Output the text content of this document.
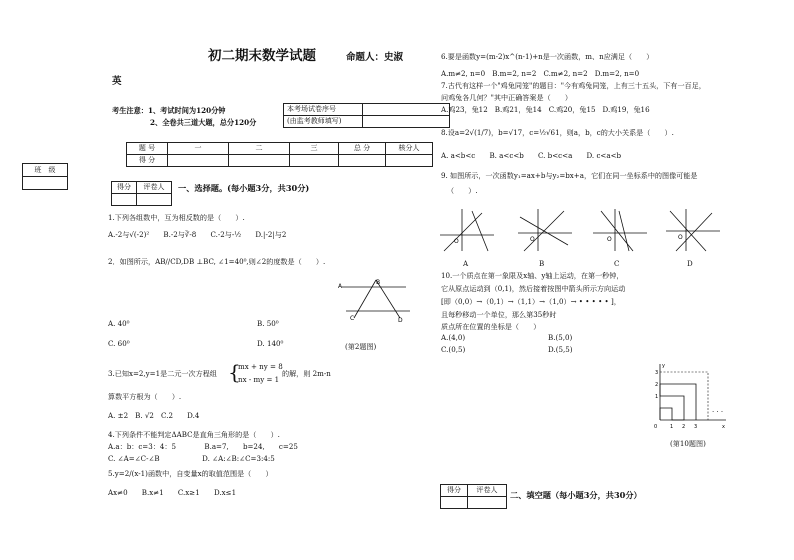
初二期末数学试题	命题人：史淑
英
考生注意：1、考试时间为120分钟
2、全卷共三道大题，总分120分
本考场试卷序号	
(由监考教师填写)	
班　级

题 号	一	二	三	总 分	核分人
得 分					
得分	评卷人
	一、选择题。(每小题3分，共30分)
1.下列各组数中，互为相反数的是（　　）.
A.-2与√(-2)²　　B.-2与∛-8　　C.-2与-½　　D.|-2|与2
2．如图所示，AB//CD,DB ⊥BC, ∠1=40⁰,则∠2的度数是（　　）.
A
B
C	D
A. 40⁰	B. 50⁰
C. 60⁰	D. 140⁰	(第2题图)
3.已知x=2,y=1是二元一次方程组 {
mx + ny = 8
nx - my = 1
的解，则 2m-n
算数平方根为（　　）.
A. ±2　B. √2　C.2　　D.4
4.下列条件不能判定ΔABC是直角三角形的是（　　）.
A.a：b：c=3：4：5　　　　B.a=7,　　b=24,　　c=25
C. ∠A=∠C-∠B　　　　　　D. ∠A:∠B:∠C=3:4:5
5.y=2/(x-1)函数中，自变量x的取值范围是（　　）
Ax≠0　　B.x≠1　　C.x≥1　　D.x≤1
6.要是函数y=(m-2)x^(n-1)+n是一次函数，m、n应满足（　　）
A.m≠2, n=0　B.m=2, n=2　C.m≠2, n=2　D.m=2, n=0
7.古代有这样一个"鸡兔同笼"的题目："今有鸡兔同笼，上有三十五头，下有一百足，
问鸡兔各几何？"其中正确答案是（　　）
A.鸡23，兔12　B.鸡21，兔14　C.鸡20，兔15　D.鸡19，兔16
8.设a=2√(1/7)，b=√17，c=½√61，则a，b，c的大小关系是（　　）.
A. a<b<c　　B. a<c<b　　C. b<c<a　　D. c<a<b
9. 如图所示，一次函数y₁=ax+b与y₂=bx+a，它们在同一坐标系中的图像可能是
（　　）.
O	O	O	O
A	B	C	D
10.一个质点在第一象限及x轴、y轴上运动，在第一秒钟，
它从原点运动到（0,1)，然后接着按图中箭头所示方向运动
[即（0,0）→（0,1）→（1,1）→（1,0）→ • • • • • ]，
且每秒移动一个单位，那么第35秒时
质点所在位置的坐标是（　　）
A.(4,0)	B.(5,0)
C.(0,5)	D.(5,5)
· · ·
3
2
1
0	1 2 3	x
y
(第10题图)
得分	评卷人
	二、填空题（每小题3分，共30分）
